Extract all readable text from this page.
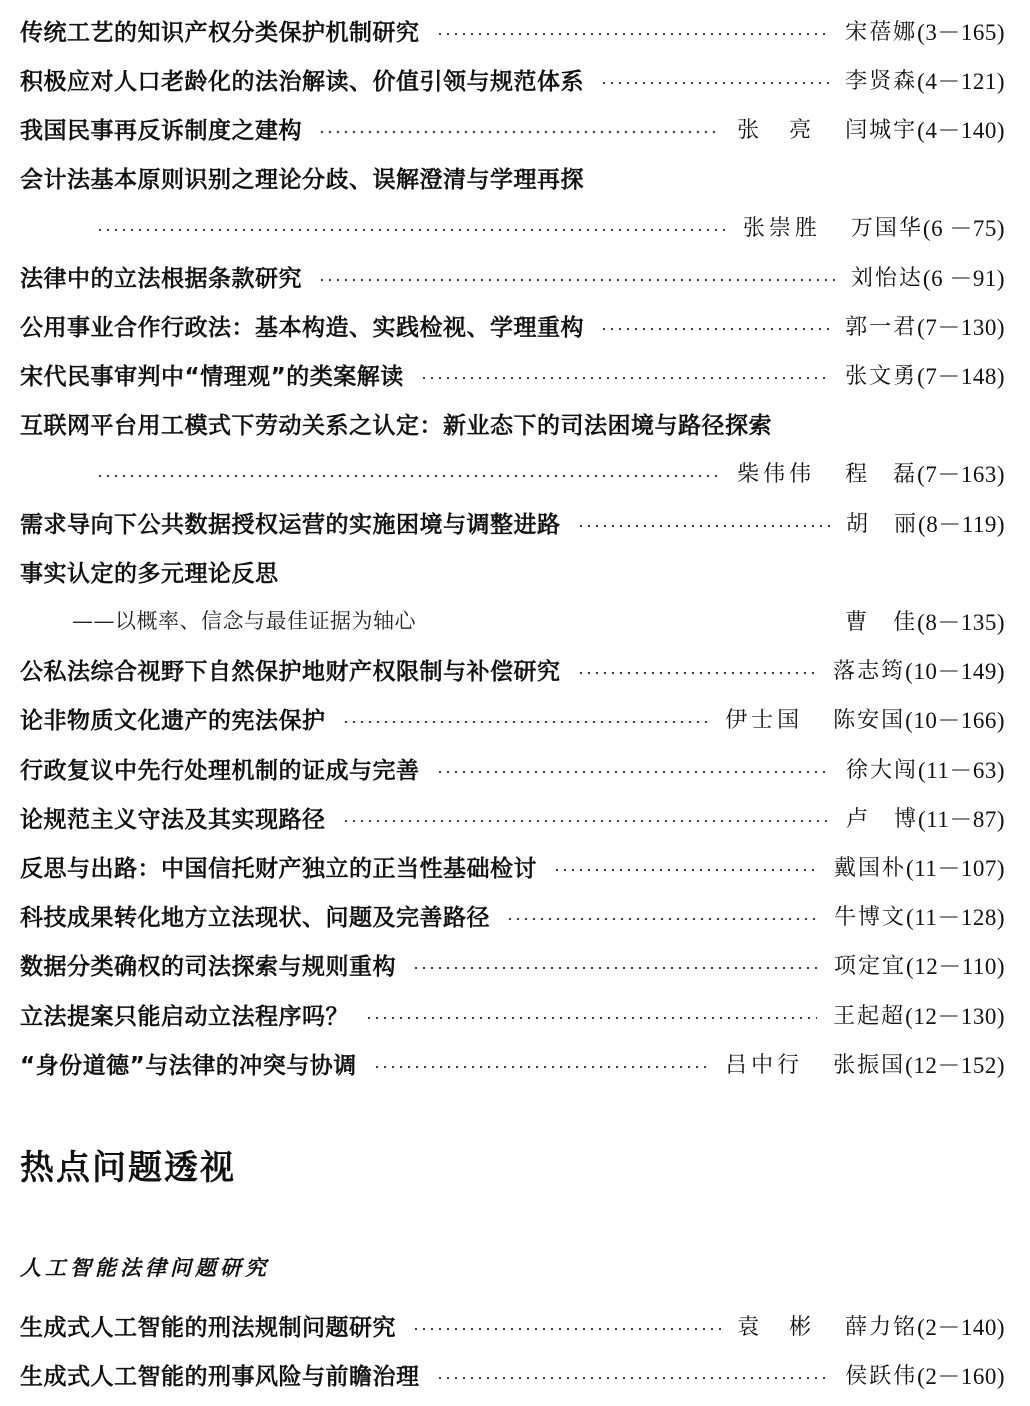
传统工艺的知识产权分类保护机制研究	宋蓓娜 (3－165)
积极应对人口老龄化的法治解读、价值引领与规范体系	李贤森 (4－121)
我国民事再反诉制度之建构	张　亮	闫城宇 (4－140)
会计法基本原则识别之理论分歧、误解澄清与学理再探
张崇胜	万国华 (6 －75)
法律中的立法根据条款研究	刘怡达 (6 －91)
公用事业合作行政法：基本构造、实践检视、学理重构	郭一君 (7－130)
宋代民事审判中“情理观”的类案解读	张文勇 (7－148)
互联网平台用工模式下劳动关系之认定：新业态下的司法困境与路径探索
柴伟伟	程　磊 (7－163)
需求导向下公共数据授权运营的实施困境与调整进路	胡　丽 (8－119)
事实认定的多元理论反思
——以概率、信念与最佳证据为轴心	曹　佳 (8－135)
公私法综合视野下自然保护地财产权限制与补偿研究	落志筠 (10－149)
论非物质文化遗产的宪法保护	伊士国	陈安国 (10－166)
行政复议中先行处理机制的证成与完善	徐大闯 (11－63)
论规范主义守法及其实现路径	卢　博 (11－87)
反思与出路：中国信托财产独立的正当性基础检讨	戴国朴 (11－107)
科技成果转化地方立法现状、问题及完善路径	牛博文 (11－128)
数据分类确权的司法探索与规则重构	项定宜 (12－110)
立法提案只能启动立法程序吗？	王起超 (12－130)
“身份道德”与法律的冲突与协调	吕中行	张振国 (12－152)
热点问题透视
人工智能法律问题研究
生成式人工智能的刑法规制问题研究	袁　彬	薛力铭 (2－140)
生成式人工智能的刑事风险与前瞻治理	侯跃伟 (2－160)
